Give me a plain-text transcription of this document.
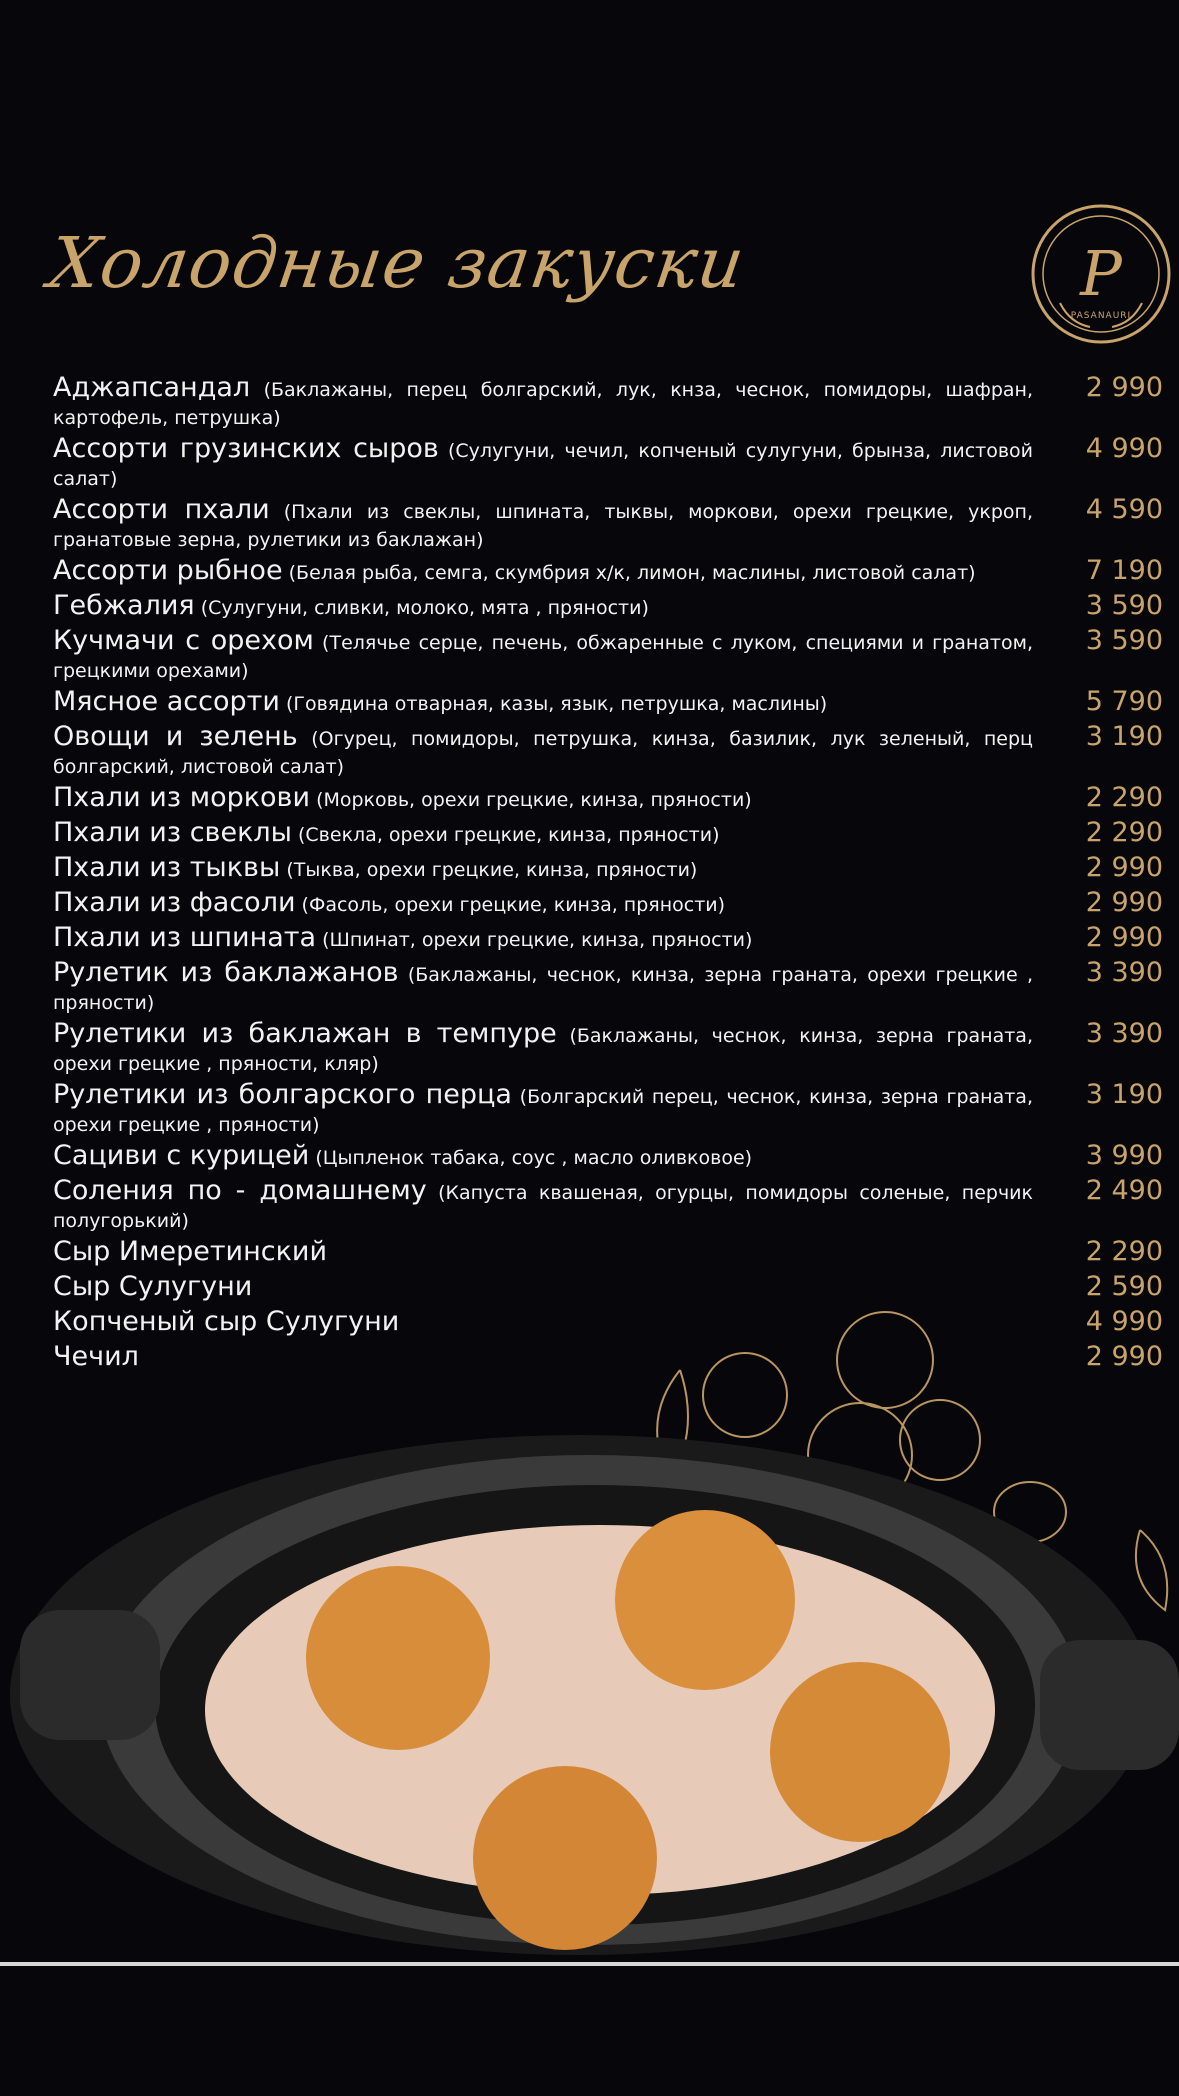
Холодные закуски	P
PASANAURI
Аджапсандал (Баклажаны, перец болгарский, лук, кнза, чеснок, помидоры, шафран, картофель, петрушка)
2 990
Ассорти грузинских сыров (Сулугуни, чечил, копченый сулугуни, брынза, листовой салат)
4 990
Ассорти пхали (Пхали из свеклы, шпината, тыквы, моркови, орехи грецкие, укроп, гранатовые зерна, рулетики из баклажан)
4 590
Ассорти рыбное (Белая рыба, семга, скумбрия х/к, лимон, маслины, листовой салат)	7 190
Гебжалия (Сулугуни, сливки, молоко, мята , пряности)	3 590
Кучмачи с орехом (Телячье серце, печень, обжаренные с луком, специями и гранатом, грецкими орехами)
3 590
Мясное ассорти (Говядина отварная, казы, язык, петрушка, маслины)	5 790
Овощи и зелень (Огурец, помидоры, петрушка, кинза, базилик, лук зеленый, перц болгарский, листовой салат)
3 190
Пхали из моркови (Морковь, орехи грецкие, кинза, пряности)	2 290
Пхали из свеклы (Свекла, орехи грецкие, кинза, пряности)	2 290
Пхали из тыквы (Тыква, орехи грецкие, кинза, пряности)	2 990
Пхали из фасоли (Фасоль, орехи грецкие, кинза, пряности)	2 990
Пхали из шпината (Шпинат, орехи грецкие, кинза, пряности)	2 990
Рулетик из баклажанов (Баклажаны, чеснок, кинза, зерна граната, орехи грецкие , пряности)
3 390
Рулетики из баклажан в темпуре (Баклажаны, чеснок, кинза, зерна граната, орехи грецкие , пряности, кляр)
3 390
Рулетики из болгарского перца (Болгарский перец, чеснок, кинза, зерна граната, орехи грецкие , пряности)
3 190
Сациви с курицей (Цыпленок табака, соус , масло оливковое)	3 990
Соления по - домашнему (Капуста квашеная, огурцы, помидоры соленые, перчик полугорький)
2 490
Сыр Имеретинский	2 290
Сыр Сулугуни	2 590
Копченый сыр Сулугуни	4 990
Чечил	2 990
